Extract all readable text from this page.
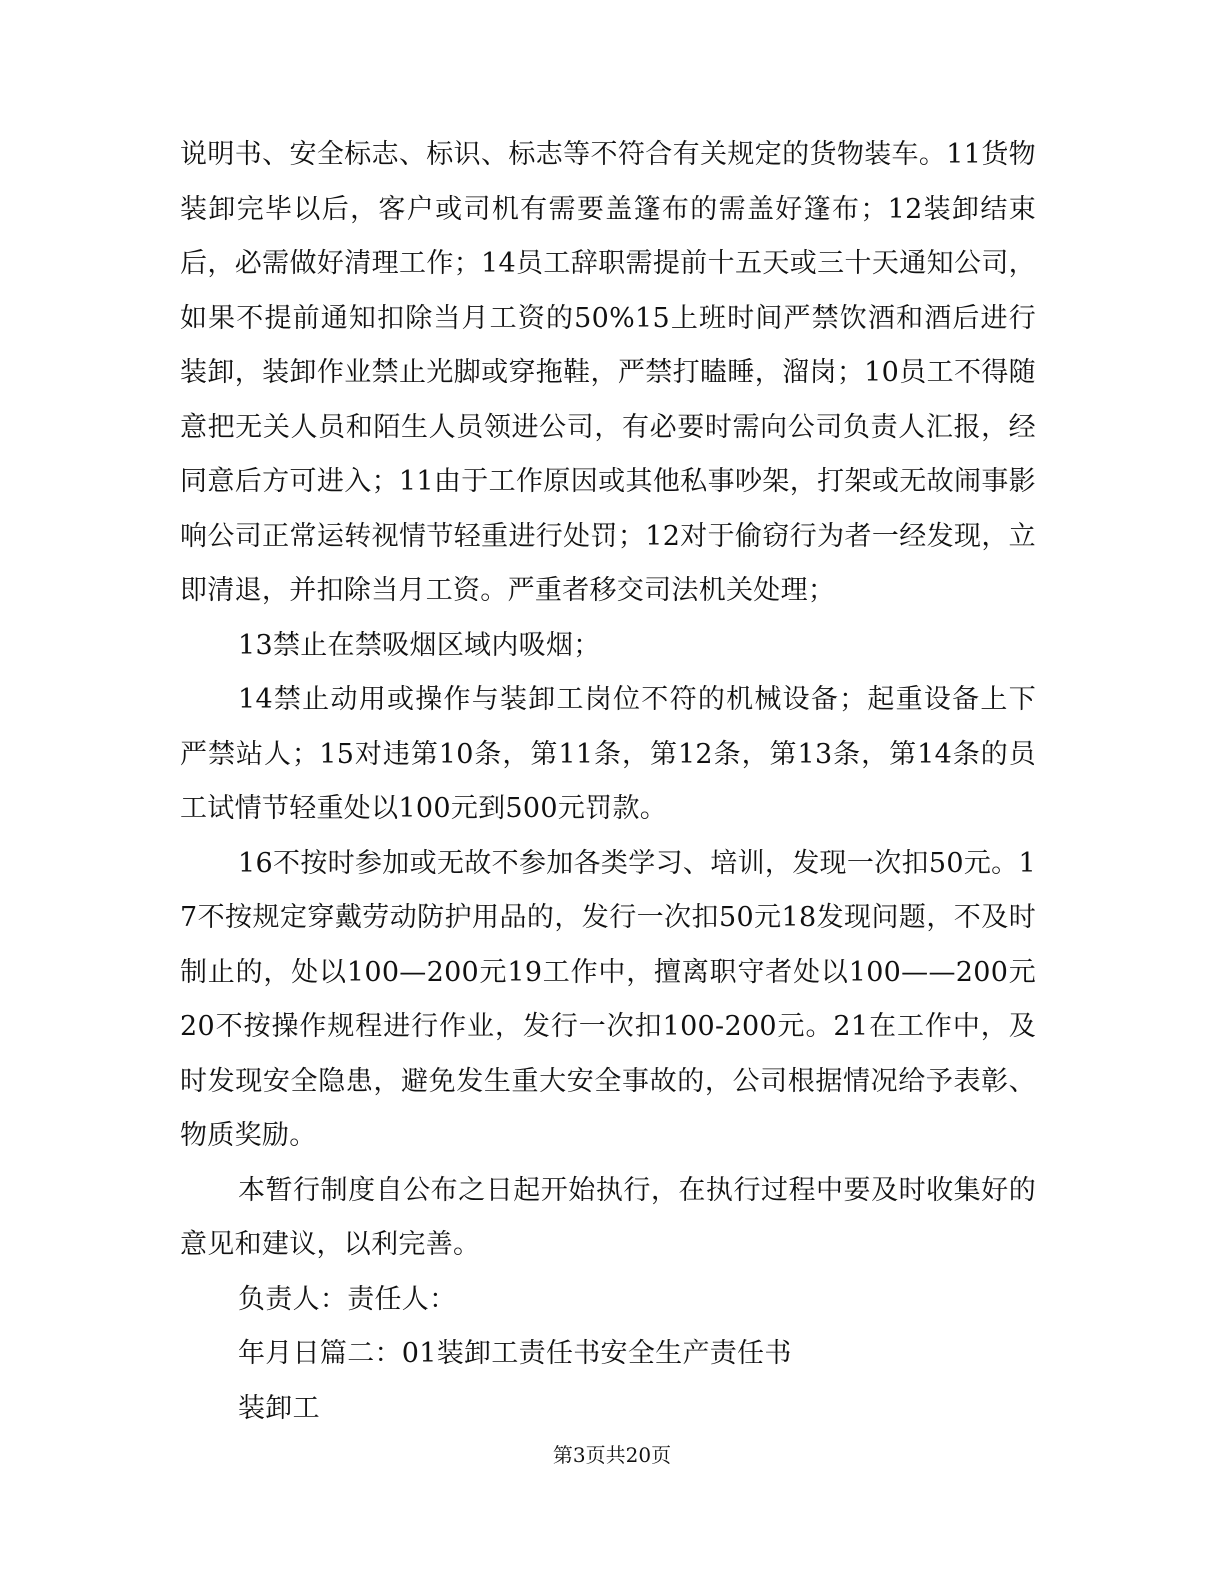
说明书、安全标志、标识、标志等不符合有关规定的货物装车。11货物装卸完毕以后，客户或司机有需要盖篷布的需盖好篷布；12装卸结束后，必需做好清理工作；14员工辞职需提前十五天或三十天通知公司，如果不提前通知扣除当月工资的50%15上班时间严禁饮酒和酒后进行装卸，装卸作业禁止光脚或穿拖鞋，严禁打瞌睡，溜岗；10员工不得随意把无关人员和陌生人员领进公司，有必要时需向公司负责人汇报，经同意后方可进入；11由于工作原因或其他私事吵架，打架或无故闹事影响公司正常运转视情节轻重进行处罚；12对于偷窃行为者一经发现，立即清退，并扣除当月工资。严重者移交司法机关处理；

13禁止在禁吸烟区域内吸烟；

14禁止动用或操作与装卸工岗位不符的机械设备；起重设备上下严禁站人；15对违第10条，第11条，第12条，第13条，第14条的员工试情节轻重处以100元到500元罚款。

16不按时参加或无故不参加各类学习、培训，发现一次扣50元。17不按规定穿戴劳动防护用品的，发行一次扣50元18发现问题，不及时制止的，处以100—200元19工作中，擅离职守者处以100——200元20不按操作规程进行作业，发行一次扣100-200元。21在工作中，及时发现安全隐患，避免发生重大安全事故的，公司根据情况给予表彰、物质奖励。

本暂行制度自公布之日起开始执行，在执行过程中要及时收集好的意见和建议，以利完善。

负责人：责任人：

年月日篇二：01装卸工责任书安全生产责任书

装卸工

第3页共20页
